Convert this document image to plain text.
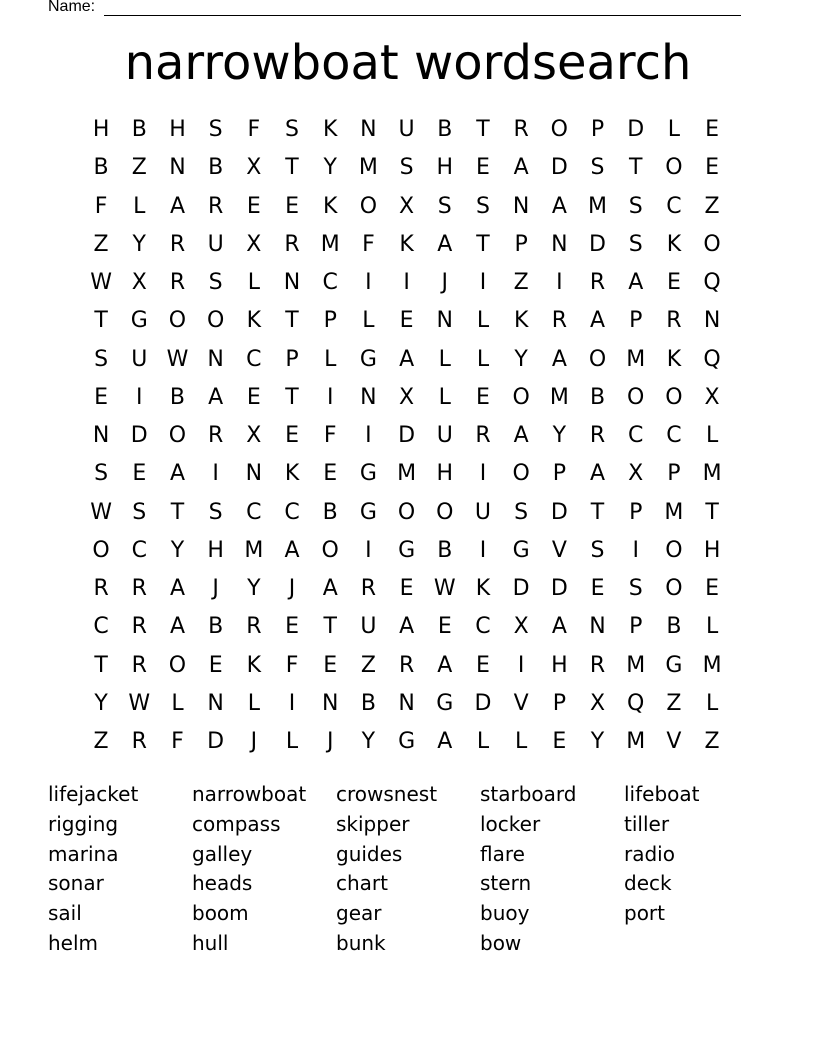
Name:
narrowboat wordsearch
H	B	H	S	F	S	K	N U	B	T	R O	P	D	L	E
B	Z	N	B	X	T	Y M S	H	E	A	D	S	T	O	E
F	L	A	R	E	E	K	O X	S	S	N	A M S	C	Z
Z	Y	R	U	X	R M	F	K	A	T	P	N D	S	K	O
W X	R	S	L	N	C	I	I	J	I	Z	I	R	A	E	Q
T	G O O	K	T	P	L	E	N	L	K	R	A	P	R	N
S	U W N	C	P	L	G	A	L	L	Y	A O M K	Q
E	I	B	A	E	T	I	N	X	L	E	O M B O O X
N D O R	X	E	F	I	D U	R	A	Y	R	C	C	L
S	E	A	I	N	K	E	G M H	I	O	P	A	X	P	M
W S	T	S	C	C	B	G O O U	S	D	T	P	M T
O C	Y	H M A O	I	G	B	I	G	V	S	I	O H
R	R	A	J	Y	J	A	R	E W K	D D	E	S	O	E
C	R	A	B	R	E	T	U	A	E	C	X	A	N	P	B	L
T	R O	E	K	F	E	Z	R	A	E	I	H	R M G M
Y W L	N	L	I	N	B	N G D	V	P	X Q Z	L
Z	R	F	D	J	L	J	Y	G	A	L	L	E	Y M V	Z
lifejacket	narrowboat	crowsnest	starboard	lifeboat
rigging	compass	skipper	locker	tiller
marina	galley	guides	flare	radio
sonar	heads	chart	stern	deck
sail	boom	gear	buoy	port
helm	hull	bunk	bow
